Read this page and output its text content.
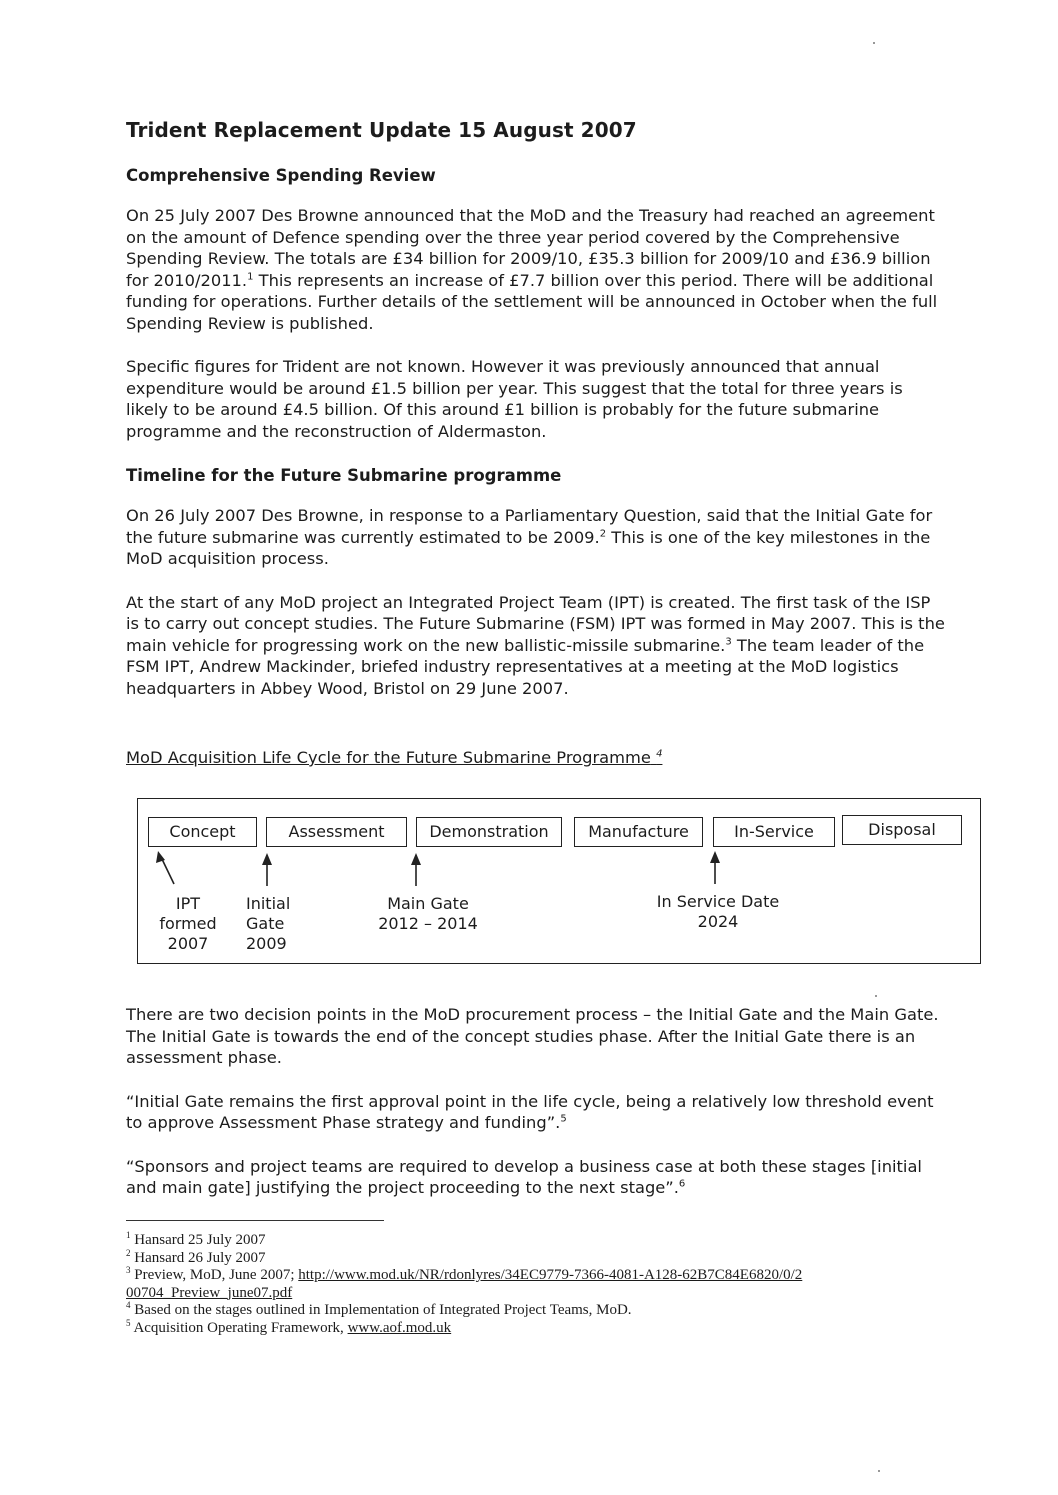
Trident Replacement Update 15 August 2007
Comprehensive Spending Review

On 25 July 2007 Des Browne announced that the MoD and the Treasury had reached an agreement on the amount of Defence spending over the three year period covered by the Comprehensive Spending Review. The totals are £34 billion for 2009/10, £35.3 billion for 2009/10 and £36.9 billion for 2010/2011.$^1$ This represents an increase of £7.7 billion over this period. There will be additional funding for operations. Further details of the settlement will be announced in October when the full Spending Review is published.

Specific figures for Trident are not known. However it was previously announced that annual expenditure would be around £1.5 billion per year. This suggest that the total for three years is likely to be around £4.5 billion. Of this around £1 billion is probably for the future submarine programme and the reconstruction of Aldermaston.

Timeline for the Future Submarine programme

On 26 July 2007 Des Browne, in response to a Parliamentary Question, said that the Initial Gate for the future submarine was currently estimated to be 2009.$^2$ This is one of the key milestones in the MoD acquisition process.

At the start of any MoD project an Integrated Project Team (IPT) is created. The first task of the ISP is to carry out concept studies. The Future Submarine (FSM) IPT was formed in May 2007. This is the main vehicle for progressing work on the new ballistic-missile submarine.$^3$ The team leader of the FSM IPT, Andrew Mackinder, briefed industry representatives at a meeting at the MoD logistics headquarters in Abbey Wood, Bristol on 29 June 2007.

MoD Acquisition Life Cycle for the Future Submarine Programme $^4$
Concept	Assessment	Demonstration	Manufacture	In-Service	Disposal
IPT
formed
2007
Initial
Gate
2009
Main Gate
2012 – 2014
In Service Date
2024

There are two decision points in the MoD procurement process – the Initial Gate and the Main Gate. The Initial Gate is towards the end of the concept studies phase. After the Initial Gate there is an assessment phase.

“Initial Gate remains the first approval point in the life cycle, being a relatively low threshold event to approve Assessment Phase strategy and funding”.$^5$

“Sponsors and project teams are required to develop a business case at both these stages [initial and main gate] justifying the project proceeding to the next stage”.$^6$

$^1$ Hansard 25 July 2007
$^2$ Hansard 26 July 2007
$^3$ Preview, MoD, June 2007; http://www.mod.uk/NR/rdonlyres/34EC9779-7366-4081-A128-62B7C84E6820/0/200704_Preview_june07.pdf
$^4$ Based on the stages outlined in Implementation of Integrated Project Teams, MoD.
$^5$ Acquisition Operating Framework, www.aof.mod.uk
